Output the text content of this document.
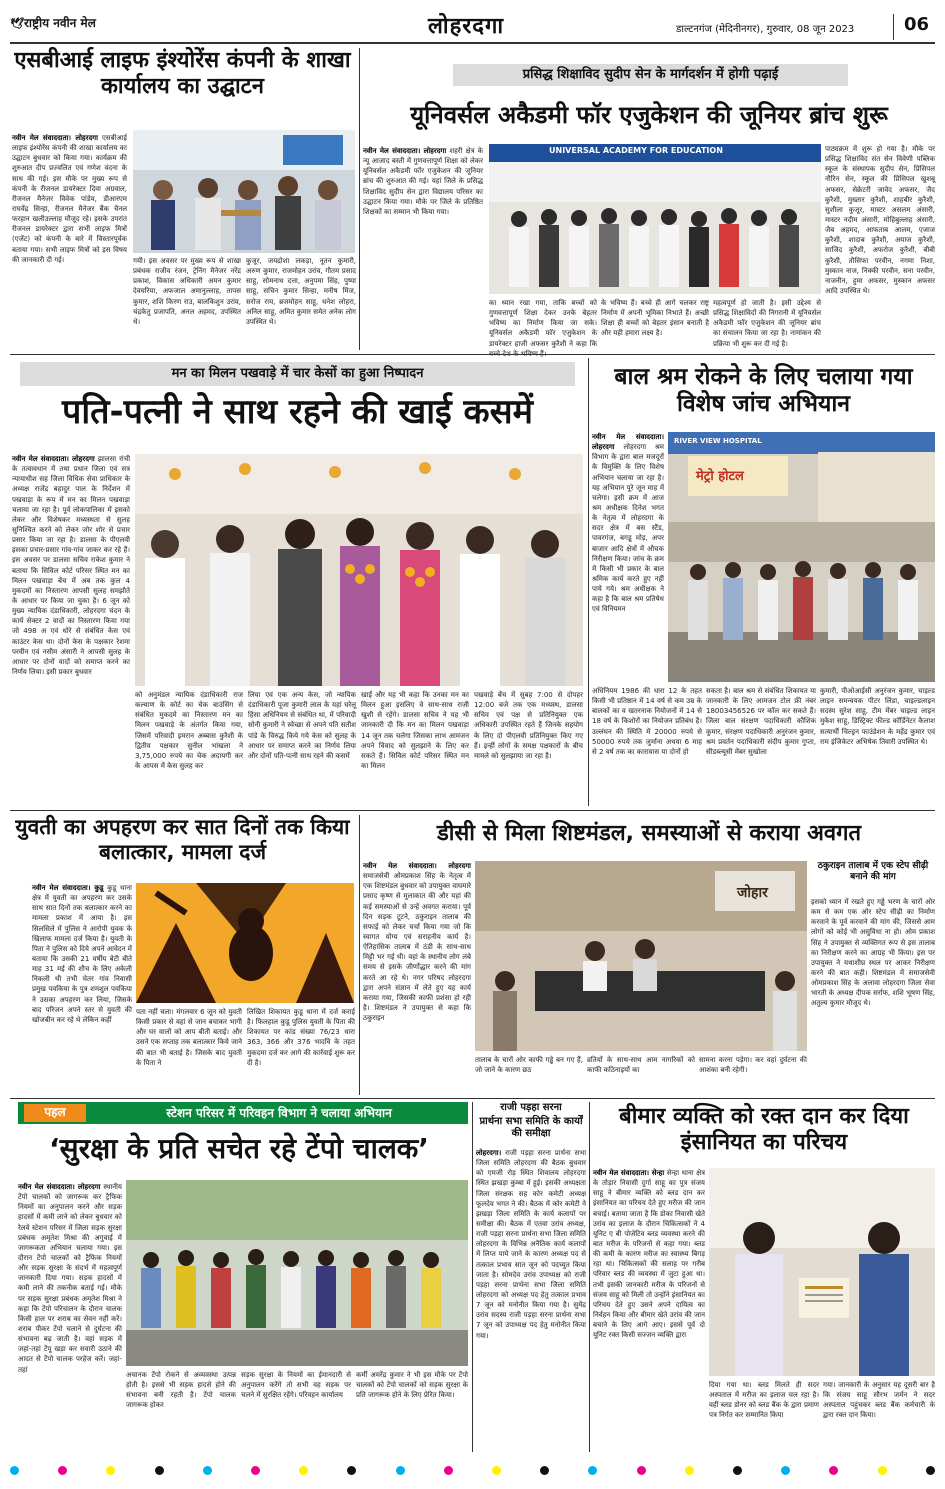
🕊राष्ट्रीय नवीन मेल	लोहरदगा	डाल्टनगंज (मेदिनीनगर), गुरुवार, 08 जून 2023	06
एसबीआई लाइफ इंश्योरेंस कंपनी के शाखा कार्यालय का उद्घाटन
नवीन मेल संवाददाता। लोहरदगा एसबीआई लाइफ इंश्योरेंस कंपनी की शाखा कार्यालय का उद्घाटन बुधवार को किया गया। कार्यक्रम की शुरुआत दीप प्रज्वलित एवं गणेश वंदना के साथ की गई। इस मौके पर मुख्य रूप से कंपनी के रीजनल डायरेक्टर दिवा अग्रवाल, रीजनल मैनेजर विवेक पांडेय, डीआरएम राघवेंद्र सिन्हा, रीजनल मैनेजर बैंक चैनल फरहान खलीउल्लाह मौजूद रहे। इसके उपरांत रीजनल डायरेक्टर द्वारा सभी लाइफ मित्रों (एजेंट) को कंपनी के बारे में विस्तारपूर्वक बताया गया। सभी लाइफ मित्रों को इस विषय की जानकारी दी गई।	गयी। इस अवसर पर मुख्य रूप से शाखा प्रबंधक राजीव रंजन, ट्रेनिंग मैनेजर नरेंद्र प्रकाश, विकास अधिकारी अमन कुमार देवघरिया, अफजाल अमानुल्लाह, तापस कुमार, शशि किरण राउ, बालकिशुन उरांव, चंद्रकेतु प्रजापति, अनल अहमद, उपस्थित थे।
कुजूर, जयद्रोशा लकड़ा, नूतन कुमारी, अरुण कुमार, राजमोहन उरांव, गौतम प्रसाद साहू, सोमनाथ दत्ता, अनुपमा सिंह, पुष्पा साहू, सचिन कुमार सिन्हा, मनीष मिंज, सरोज राय, ब्रजमोहन साहू, धनेश लोहरा, अनिल साहू, अमित कुमार समेत अनेक लोग उपस्थित थे।
प्रसिद्ध शिक्षाविद सुदीप सेन के मार्गदर्शन में होगी पढ़ाई
यूनिवर्सल अकैडमी फॉर एजुकेशन की जूनियर ब्रांच शुरू
नवीन मेल संवाददाता। लोहरदगा शहरी क्षेत्र के न्यू आजाद बस्ती में गुणवत्तापूर्ण शिक्षा को लेकर यूनिवर्सल अकैडमी फॉर एजुकेशन की जूनियर ब्रांच की शुरुआत की गई। यहां जिले के प्रसिद्ध शिक्षाविद सुदीप सेन द्वारा विद्यालय परिसर का उद्घाटन किया गया। मौके पर जिले के प्रतिष्ठित शिक्षकों का सम्मान भी किया गया।
UNIVERSAL ACADEMY FOR EDUCATION
का ध्यान रखा गया, ताकि बच्चों को गुणवत्तापूर्ण शिक्षा देकर उनके बेहतर भविष्य का निर्माण किया जा सके। यूनिवर्सल अकैडमी फॉर एजुकेशन के डायरेक्टर हाजी अफसर कुरैशी ने कहा कि
के भविष्य हैं। बच्चे ही आगे चलकर राष्ट्र निर्माण में अपनी भूमिका निभाते हैं। अच्छी शिक्षा ही बच्चों को बेहतर इंसान बनाती है और यही हमारा लक्ष्य है।
महत्वपूर्ण हो जाती है। इसी उद्देश्य से प्रसिद्ध शिक्षाविदों की निगरानी में यूनिवर्सल अकैडमी फॉर एजुकेशन की जूनियर ब्रांच का संचालन किया जा रहा है। नामांकन की प्रक्रिया भी शुरू कर दी गई है।
पाठ्यक्रम में शुरू हो गया है। मौके पर प्रसिद्ध शिक्षाविद संत सेन विवेणी पब्लिक स्कूल के संस्थापक सुदीप सेन, प्रिंसिपल नौरिन सेन, स्कूल की प्रिंसिपल खुशबू अफसर, सेक्रेटरी जावेद अफसर, जैद कुरैशी, मुख्तार कुरैशी, शाहबीर कुरैशी, सुशीला कुजूर, मास्टर असलम अंसारी, मास्टर नदीम अंसारी, मोहिबुल्लाह अंसारी, जैब अहमद, आफताब आलम, एजाज कुरैशी, शादाब कुरैशी, अयाज कुरैशी, साजिद कुरैशी, अफरोज कुरैशी, बीबी कुरैशी, तौसिफा परवीन, नगमा निशा, मुस्कान नाज, निक्की परवीन, सना परवीन, नाजनीन, हुमा अफसर, मुस्कान अफसर आदि उपस्थित थे।
मन का मिलन पखवाड़े में चार केसों का हुआ निष्पादन
पति-पत्नी ने साथ रहने की खाई कसमें
नवीन मेल संवाददाता। लोहरदगा झालसा रांची के तत्वावधान में तथा प्रधान जिला एवं सत्र न्यायाधीश सह जिला विधिक सेवा प्राधिकार के अध्यक्ष राजेंद्र बहादुर पाल के निर्देशन में पखवाड़ा के रूप में मन का मिलन पखवाड़ा चलाया जा रहा है। पूर्व लोकपालिका में इसको लेकर और विशेषकर मध्यस्थता से सुलह सुनिश्चित करने को लेकर जोर शोर से प्रचार प्रसार किया जा रहा है। डालसा के पीएलवी इसका प्रचार-प्रसार गांव-गांव जाकर कर रहे हैं। इस अवसर पर डालसा सचिव राकेश कुमार ने बताया कि सिविल कोर्ट परिसर स्थित मन का मिलन पखवाड़ा बेंच में अब तक कुल 4 मुकदमों का निस्तारण आपसी सुलह समझौते के आधार पर किया जा चुका है। 6 जून को मुख्य न्यायिक दंडाधिकारी, लोहरदगा चंदन के कार्य सेक्टर 2 वादों का निस्तारण किया गया जो 498 अ एवं धोरे से संबंधित केस एवं काउंटर केस था। दोनों केस के पक्षकार रेशमा परवीन एवं नसीम अंसारी ने आपसी सुलह के आधार पर दोनों वादों को समाप्त करने का निर्णय लिया। इसी प्रकार बुधवार
को अनुमंडल न्यायिक दंडाधिकारी राज कल्याण के कोर्ट का चेक बाउंसिंग से संबंधित मुकदमे का निस्तारण मन का मिलन पखवाड़े के अंतर्गत किया गया, जिसमें परिवादी इमरान अब्बास कुरैशी के द्वितीय पक्षकार सुनील भांखला ने 3,75,000 रुपये का चेक अदायगी कर के आपस में केस सुलह कर
लिया एवं एक अन्य केस, जो न्यायिक दंडाधिकारी पूजा कुमारी लाल के यहां घरेलू हिंसा अधिनियम से संबंधित था, में परिवादी सोनी कुमारी ने स्वेच्छा से अपने पति सतीश पांडे के विरुद्ध किये गये केस को सुलह के आधार पर समाप्त करने का निर्णय लिया और दोनों पति-पत्नी साथ रहने की कसमें
खाईं और यह भी कहा कि उनका मन का मिलन हुआ इसलिए वे साथ-साथ राजी खुशी से रहेंगे। डालसा सचिव ने यह भी जानकारी दी कि मन का मिलन पखवाड़ा 14 जून तक चलेगा जिसका लाभ आमजन अपने विवाद को सुलझाने के लिए कर सकते हैं। सिविल कोर्ट परिसर स्थित मन का मिलन
पखवाड़े बेंच में सुबह 7:00 से दोपहर 12:00 बजे तक एक मध्यस्थ, डालसा सचिव एवं पक्ष से प्रतिनियुक्त एक अधिकारी उपस्थित रहते हैं जिनके सहयोग के लिए दो पीएलवी प्रतिनियुक्त किए गए हैं। इन्हीं लोगों के समक्ष पक्षकारों के बीच मामले को सुलझाया जा रहा है।
बाल श्रम रोकने के लिए चलाया गया विशेष जांच अभियान
नवीन मेल संवाददाता। लोहरदगा लोहरदगा श्रम विभाग के द्वारा बाल मजदूरों के विमुक्ति के लिए विशेष अभियान चलाया जा रहा है। यह अभियान पूरे जून माह में चलेगा। इसी क्रम में आज श्रम अधीक्षक दिनेश भगत के नेतृत्व में लोहरदगा के सदर क्षेत्र में बस स्टैंड, पावरगंज, बगडू मोड़, अपर बाजार आदि क्षेत्रों में औचक निरीक्षण किया। जांच के क्रम में किसी भी प्रकार के बाल श्रमिक कार्य करते हुए नहीं पाये गये। श्रम अधीक्षक ने कहा है कि बाल श्रम प्रतिषेध एवं विनियमन
RIVER VIEW HOSPITAL
मेट्रो होटल
अधिनियम 1986 की धारा 12 के तहत किसी भी प्रतिष्ठान में 14 वर्ष से कम उम्र के बालकों का व खतरनाक नियोजनों में 14 से 18 वर्ष के किशोरों का नियोजन प्रतिबंध है। उल्लंघन की स्थिति में 20000 रुपये से 50000 रुपये तक जुर्माना अथवा 6 माह से 2 वर्ष तक का कारावास या दोनों हो
सकता है। बाल श्रम से संबंधित शिकायत या जानकारी के लिए आमजन टोल फ्री नंबर 18003456526 पर कॉल कर सकते हैं। जिला बाल संरक्षण पदाधिकारी कौशिक कुमार, संरक्षण पदाधिकारी अनुरंजन कुमार, श्रम प्रवर्तन पदाधिकारी संदीप कुमार गुप्ता, सीडब्ल्यूसी मेंबर सुखोला
कुमारी, पीओआईसी अनुरंजन कुमार, चाइल्ड लाइन समन्वयक पीटर लिंडा, चाइल्डलाइन सदस्य सुरेश साहू, टीम मेंबर चाइल्ड लाइन मुकेश साहू, डिस्ट्रिक्ट फील्ड कॉर्डिनेटर कैलाश सत्यार्थी चिल्ड्रन फाउंडेशन के महेंद्र कुमार एवं राम इंजिकेटर अभिषेक तिवारी उपस्थित थे।
युवती का अपहरण कर सात दिनों तक किया बलात्कार, मामला दर्ज
नवीन मेल संवाददाता। कुडू कुडू थाना क्षेत्र में युवती का अपहरण कर उसके साथ सात दिनों तक बलात्कार करने का मामला प्रकाश में आया है। इस सिलसिले में पुलिस ने आरोपी युवक के खिलाफ मामला दर्ज किया है। युवती के पिता ने पुलिस को दिये अपने आवेदन में बताया कि उसकी 21 वर्षीय बेटी बीते माह 31 मई की शौच के लिए अकेली निकली थी तभी चेतर गांव निवासी प्रमुख पवकिया के पुत्र शमशुल पवकिया ने उसका अपहरण कर लिया, जिसके बाद परिजन अपने स्तर से युवती की खोजबीन कर रहे थे लेकिन कहीं
पता नहीं चला। मंगलवार 6 जून को युवती किसी प्रकार से वहां से जान बचाकर भागी और घर वालों को आप बीती बताई। और उसने एक सप्ताह तक बलात्कार किये जाने की बात भी बताई है। जिसके बाद युवती के पिता ने
लिखित शिकायत कुडू थाना में दर्ज कराई है। फिलहाल कुडू पुलिस युवती के पिता की शिकायत पर कांड संख्या 76/23 धारा 363, 366 और 376 भादवि के तहत मुकदमा दर्ज कर आगे की कार्रवाई शुरू कर दी है।
डीसी से मिला शिष्टमंडल, समस्याओं से कराया अवगत
नवीन मेल संवाददाता। लोहरदगा समाजसेवी ओमप्रकाश सिंह के नेतृत्व में एक शिष्टमंडल बुधवार को उपायुक्त वाघमारे प्रसाद कृष्ण से मुलाकात की और यहां की कई समस्याओं से उन्हें अवगत कराया। पूर्व दिन सड़क टूटने, ठकुराइन तालाब की सफाई को लेकर चर्चा किया गया जो कि स्वागत योग्य एवं सराहनीय कार्य है। ऐतिहासिक तालाब में ठंडी के साथ-साथ मिट्टी भर गई थी। वहां के स्थानीय लोग लंबे समय से इसके जीर्णोद्धार करने की मांग करते आ रहे थे। नगर परिषद लोहरदगा द्वारा अपने संज्ञान में लेते हुए यह कार्य कराया गया, जिसकी काफी प्रशंसा हो रही है। शिष्टमंडल ने उपायुक्त से कहा कि ठकुराइन
जोहार
तालाब के चारों ओर काफी गड्ढे बन गए हैं, जो जाने के कारण छठ
व्रतियों के साथ-साथ आम नागरिकों को काफी कठिनाइयों का
सामना करना पड़ेगा। कर वहां दुर्घटना की आशंका बनी रहेगी।
ठकुराइन तालाब में एक स्टेप सीढ़ी बनाने की मांग
इसको ध्यान में रखते हुए गड्ढे भरण के चारों ओर कम से कम एक ओर स्टेप सीढ़ी का निर्माण करवाने के पूर्व करवाने की मांग की, जिससे आम लोगों को कोई भी असुविधा ना हो। ओम प्रकाश सिंह ने उपायुक्त से व्यक्तिगत रूप से इस तालाब का निरीक्षण करने का आग्रह भी किया। इस पर उपायुक्त ने यथाशीघ्र स्थल पर आकर निरीक्षण करने की बात कही। शिष्टमंडल में समाजसेवी ओमप्रकाश सिंह के अलावा लोहरदगा जिला सेवा भारती के अध्यक्ष दीपक सर्राफ, शशि भूषण सिंह, अतुल्य कुमार मौजूद थे।
पहल	स्टेशन परिसर में परिवहन विभाग ने चलाया अभियान
‘सुरक्षा के प्रति सचेत रहे टेंपो चालक’
नवीन मेल संवाददाता। लोहरदगा स्थानीय टेंपो चालकों को जागरूक कर ट्रैफिक नियमों का अनुपालन करने और सड़क हादसों में कमी लाने को लेकर बुधवार को रेलवे स्टेशन परिसर में जिला सड़क सुरक्षा प्रबंधक अमृतेश मिश्रा की अगुवाई में जागरूकता अभियान चलाया गया। इस दौरान टेंपो चालकों को ट्रैफिक नियमों और सड़क सुरक्षा के संदर्भ में महत्वपूर्ण जानकारी दिया गया। सड़क हादसों में कमी लाने की तकनीक बताई गई। मौके पर सड़क सुरक्षा प्रबंधक अमृतेश मिश्रा ने कहा कि टेंपो परिचालन के दौरान चालक किसी हाल पर शराब का सेवन नहीं करें। शराब पीकर टेंपो चलाने से दुर्घटना की संभावना बढ़ जाती है। वहां सड़क में जहां-तहां टेंपू खड़ा कर सवारी उठाने की आदत से टेंपो चालक परहेज करें। जहां-तहां
अचानक टेंपो रोकने से अव्यवस्था उत्पन्न होती है। इससे भी सड़क हादसे होने की संभावना बनी रहती है। टेंपो चालक जागरूक होकर
सड़क सुरक्षा के नियमों का ईमानदारी से अनुपालन करेंगे तो सभी वह सड़क पर चलने में सुरक्षित रहेंगे। परिवहन कार्यालय
कर्मी अमरेंद्र कुमार ने भी इस मौके पर टेंपो चालकों को टेंपो चालकों को सड़क सुरक्षा के प्रति जागरूक होने के लिए प्रेरित किया।
राजी पड़हा सरना
प्रार्थना सभा समिति के कार्यों की समीक्षा
लोहरदगा। राजी पड़हा सरना प्रार्थना सभा जिला समिति लोहरदगा की बैठक बुधवार को एमजी रोड़ स्थित शिवालय लोहरदगा स्थित झखड़ा कुम्बा में हुई। इसकी अध्यक्षता जिला संरक्षक सह कोर कमेटी अध्यक्ष फूलदेव भगत ने की। बैठक में कोर कमेटी ने झखड़ा जिला समिति के कार्य कलापों पर समीक्षा की। बैठक में एतवा उरांव अध्यक्ष, राजी पड़हा सरना प्रार्थना सभा जिला समिति लोहरदगा के विभिन्न अनैतिक कार्य कलापों में लिप्त पाये जाने के कारण अध्यक्ष पद से तत्काल प्रभाव सात जून को पदच्युत किया जाता है। सोमदेव उरांव उपाध्यक्ष को राजी पड़हा सरना प्रार्थना सभा जिला समिति लोहरदगा को अध्यक्ष पद हेतु तत्काल प्रभाव 7 जून को मनोनीत किया गया है। सुमेंद्र उरांव सदस्य राजी पड़हा सरना प्रार्थना सभा 7 जून को उपाध्यक्ष पद हेतु मनोनीत किया गया।
बीमार व्यक्ति को रक्त दान कर दिया इंसानियत का परिचय
नवीन मेल संवाददाता। सेन्हा सेन्हा थाना क्षेत्र के तोड़ार निवासी दुर्गा साहू का पुत्र संजय साहू ने बीमार व्यक्ति को ब्लड दान कर इंसानियत का परिचय देते हुए मरीज की जान बचाई। बताया जाता है कि डोका निवासी खेते उरांव का इलाज के दौरान चिकित्सकों ने 4 यूनिट ए बी पोजेटिव ब्लड व्यवस्था करने की बात मरीज के परिजनों से कहा गया। ब्लड की कमी के कारण मरीज का स्वास्थ्य बिगड़ रहा था। चिकित्सकों की सलाह पर गरीब परिवार ब्लड की व्यवस्था में जुटा हुआ था। तभी इसकी जानकारी मरीज के परिजनों से संजय साहू को मिली तो उन्होंने इंसानियत का परिचय देते हुए उसने अपने दायित्व का निर्वहन किया और बीमार खेते उरांव की जान बचाने के लिए आगे आए। इससे पूर्व दो यूनिट रक्त किसी सज्जन व्यक्ति द्वारा
दिया गया था। ब्लड मिलते ही सदर अस्पताल में मरीज का इलाज चल रहा है। वहीं ब्लड डोनर को ब्लड बैंक के द्वारा प्रमाण पत्र निर्गत कर सम्मानित किया
गया। जानकारी के अनुसार यह दूसरी बार है कि संजय साहू सौरभ जर्मन ने सदर अस्पताल पहुंचकर ब्लड बैंक कर्मचारी के द्वारा रक्त दान किया।
